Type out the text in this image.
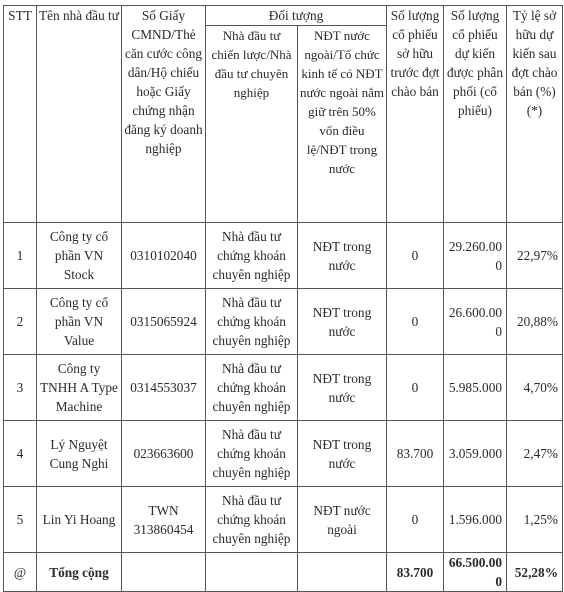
STT	Tên nhà đầu tư	Số Giấy CMND/Thẻ căn cước công dân/Hộ chiếu hoặc Giấy chứng nhận đăng ký doanh nghiệp	Đối tượng		Số lượng cổ phiếu sở hữu trước đợt chào bán	Số lượng cổ phiếu dự kiến được phân phối (cổ phiếu)	Tỷ lệ sở hữu dự kiến sau đợt chào bán (%) (*)
			Nhà đầu tư chiến lược/Nhà đầu tư chuyên nghiệp	NĐT nước ngoài/Tổ chức kinh tế có NĐT nước ngoài nắm giữ trên 50% vốn điều lệ/NĐT trong nước			
1	Công ty cổ phần VN Stock	0310102040	Nhà đầu tư chứng khoán chuyên nghiệp	NĐT trong nước	0	29.260.000	22,97%
2	Công ty cổ phần VN Value	0315065924	Nhà đầu tư chứng khoán chuyên nghiệp	NĐT trong nước	0	26.600.000	20,88%
3	Công ty TNHH A Type Machine	0314553037	Nhà đầu tư chứng khoán chuyên nghiệp	NĐT trong nước	0	5.985.000	4,70%
4	Lý Nguyệt Cung Nghi	023663600	Nhà đầu tư chứng khoán chuyên nghiệp	NĐT trong nước	83.700	3.059.000	2,47%
5	Lin Yi Hoang	TWN 313860454	Nhà đầu tư chứng khoán chuyên nghiệp	NĐT nước ngoài	0	1.596.000	1,25%
@	Tổng cộng				83.700	66.500.000	52,28%
